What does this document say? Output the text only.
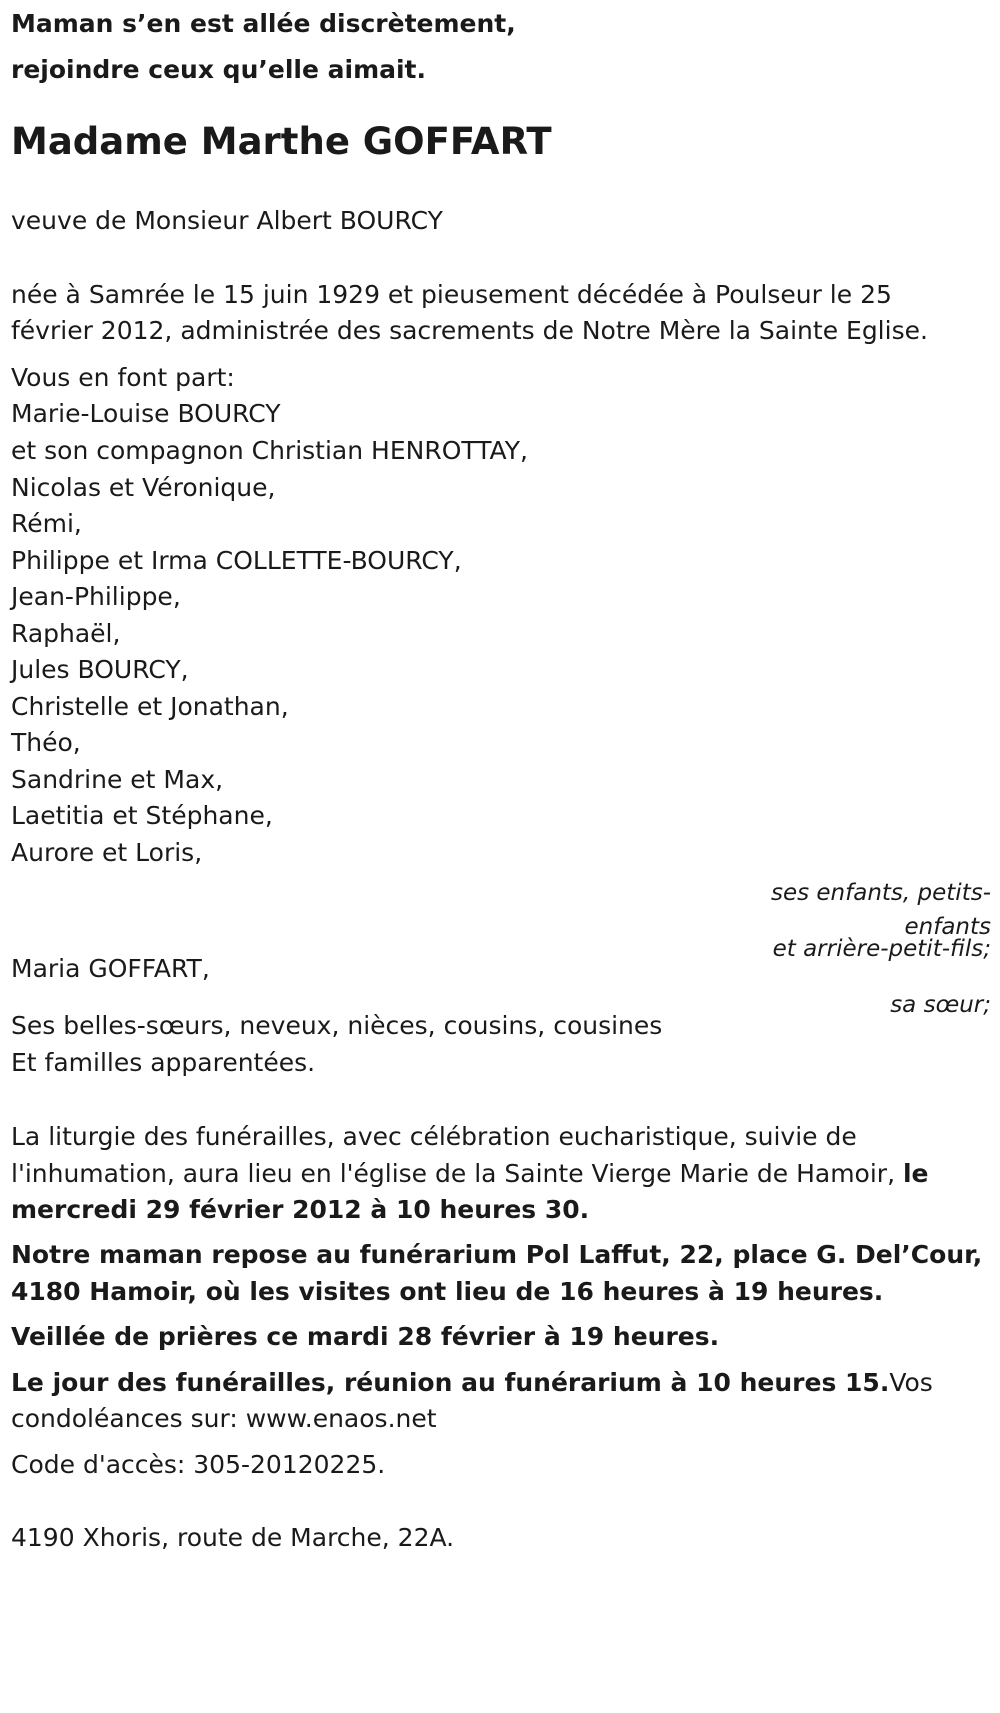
Maman s’en est allée discrètement,
rejoindre ceux qu’elle aimait.
Madame Marthe GOFFART
veuve de Monsieur Albert BOURCY
née à Samrée le 15 juin 1929 et pieusement décédée à Poulseur le 25
février 2012, administrée des sacrements de Notre Mère la Sainte Eglise.
Vous en font part:
Marie-Louise BOURCY
et son compagnon Christian HENROTTAY,
Nicolas et Véronique,
Rémi,
Philippe et Irma COLLETTE-BOURCY,
Jean-Philippe,
Raphaël,
Jules BOURCY,
Christelle et Jonathan,
Théo,
Sandrine et Max,
Laetitia et Stéphane,
Aurore et Loris,
ses enfants, petits-
enfants
et arrière-petit-fils;
Maria GOFFART,
sa sœur;
Ses belles-sœurs, neveux, nièces, cousins, cousines
Et familles apparentées.
La liturgie des funérailles, avec célébration eucharistique, suivie de
l'inhumation, aura lieu en l'église de la Sainte Vierge Marie de Hamoir, le
mercredi 29 février 2012 à 10 heures 30.
Notre maman repose au funérarium Pol Laffut, 22, place G. Del’Cour,
4180 Hamoir, où les visites ont lieu de 16 heures à 19 heures.
Veillée de prières ce mardi 28 février à 19 heures.
Le jour des funérailles, réunion au funérarium à 10 heures 15.Vos
condoléances sur: www.enaos.net
Code d'accès: 305-20120225.
4190 Xhoris, route de Marche, 22A.
